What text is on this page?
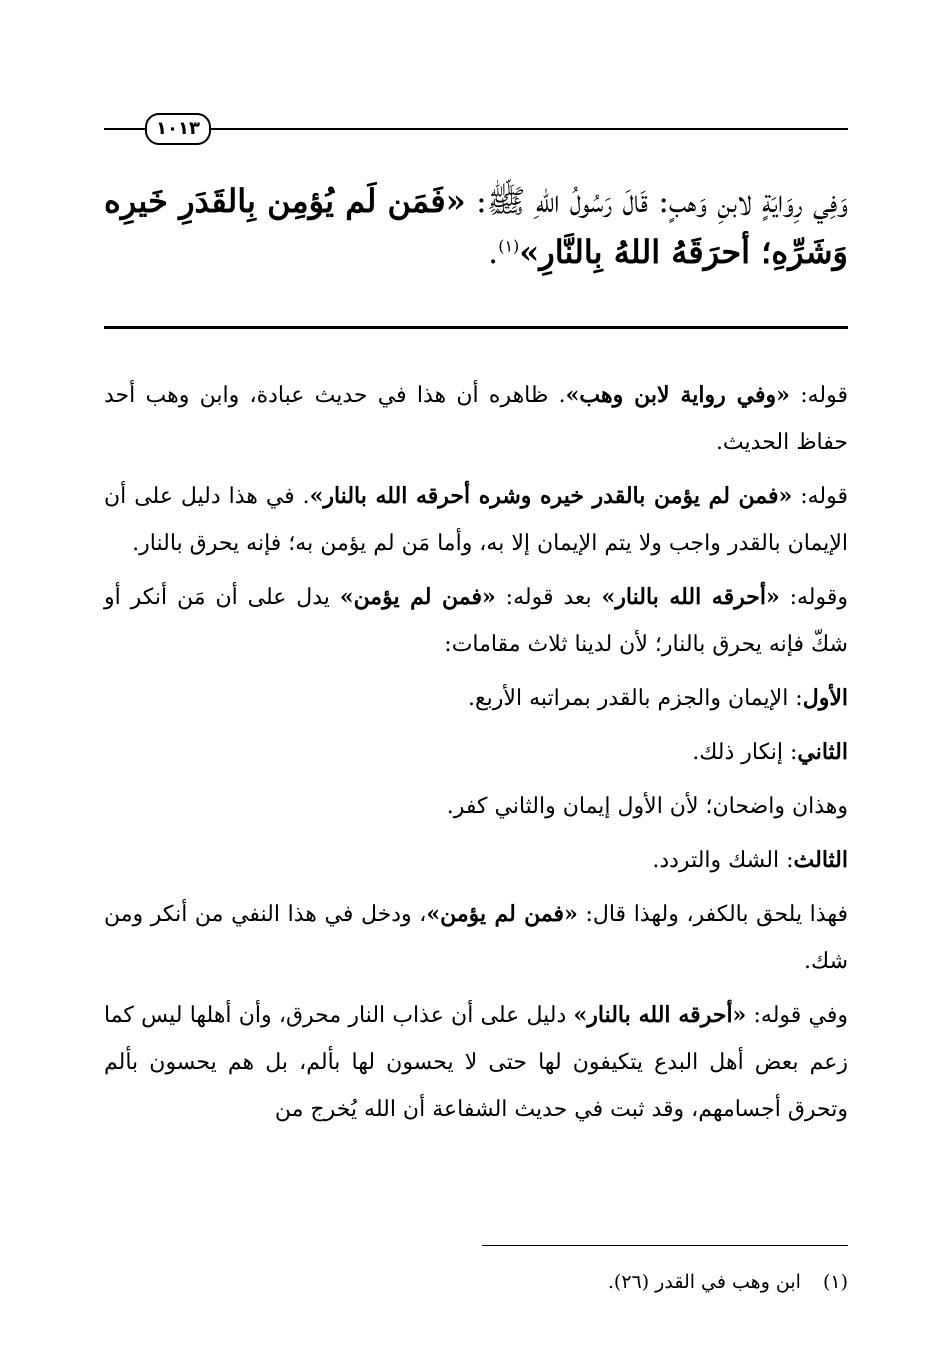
١٠١٣
وَفِي رِوَايَةٍ لابنِ وَهبٍ: قَالَ رَسُولُ اللهِ ﷺ: «فَمَن لَم يُؤمِن بِالقَدَرِ خَيرِه وَشَرِّهِ؛ أحرَقَهُ اللهُ بِالنَّارِ»$^{(١)}$.

قوله: «وفي رواية لابن وهب». ظاهره أن هذا في حديث عبادة، وابن وهب أحد حفاظ الحديث.

قوله: «فمن لم يؤمن بالقدر خيره وشره أحرقه الله بالنار». في هذا دليل على أن الإيمان بالقدر واجب ولا يتم الإيمان إلا به، وأما مَن لم يؤمن به؛ فإنه يحرق بالنار.

وقوله: «أحرقه الله بالنار» بعد قوله: «فمن لم يؤمن» يدل على أن مَن أنكر أو شكّ فإنه يحرق بالنار؛ لأن لدينا ثلاث مقامات:

الأول: الإيمان والجزم بالقدر بمراتبه الأربع.

الثاني: إنكار ذلك.

وهذان واضحان؛ لأن الأول إيمان والثاني كفر.

الثالث: الشك والتردد.

فهذا يلحق بالكفر، ولهذا قال: «فمن لم يؤمن»، ودخل في هذا النفي من أنكر ومن شك.

وفي قوله: «أحرقه الله بالنار» دليل على أن عذاب النار محرق، وأن أهلها ليس كما زعم بعض أهل البدع يتكيفون لها حتى لا يحسون لها بألم، بل هم يحسون بألم وتحرق أجسامهم، وقد ثبت في حديث الشفاعة أن الله يُخرج من

(١)ابن وهب في القدر (٢٦).
